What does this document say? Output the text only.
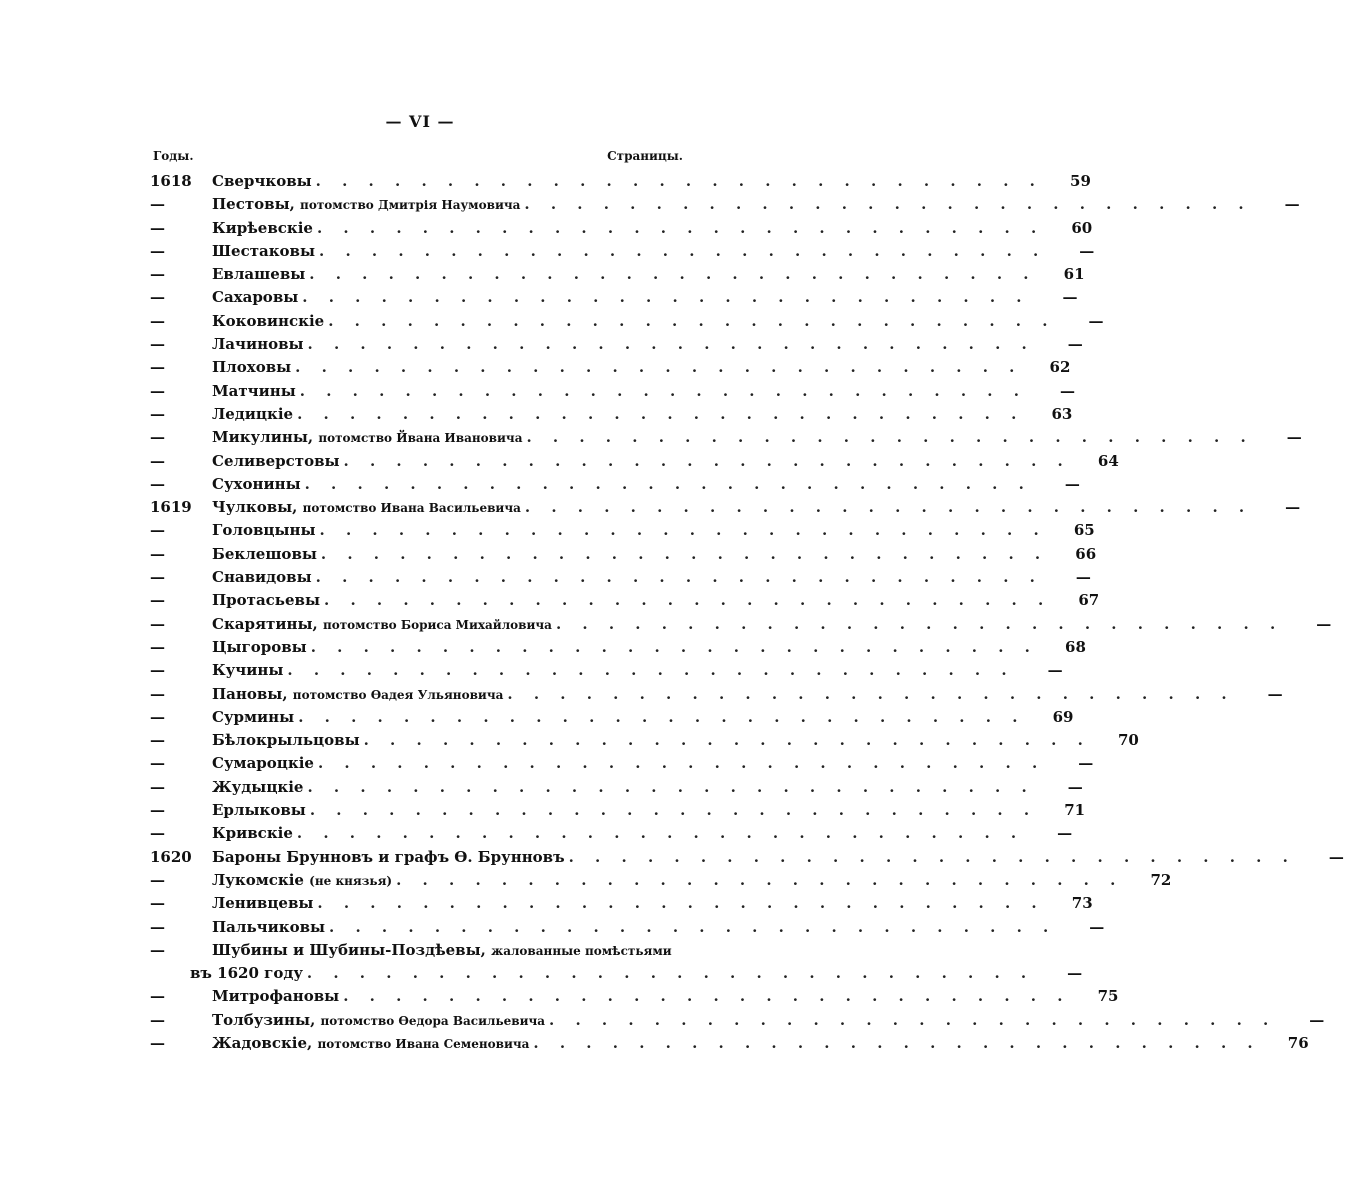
— VI —
Годы.	Страницы.
1618	Сверчковы . . . . . . . . . . . . . . . . . . . . . . . . . . . .	59
—	Пестовы, потомство Дмитрія Наумовича . . . . . . . . . . . . . . . . . . . . . . . . . . . .	—
—	Кирѣевскіе . . . . . . . . . . . . . . . . . . . . . . . . . . . .	60
—	Шестаковы . . . . . . . . . . . . . . . . . . . . . . . . . . . .	—
—	Евлашевы . . . . . . . . . . . . . . . . . . . . . . . . . . . .	61
—	Сахаровы . . . . . . . . . . . . . . . . . . . . . . . . . . . .	—
—	Коковинскіе . . . . . . . . . . . . . . . . . . . . . . . . . . . .	—
—	Лачиновы . . . . . . . . . . . . . . . . . . . . . . . . . . . .	—
—	Плоховы . . . . . . . . . . . . . . . . . . . . . . . . . . . .	62
—	Матчины . . . . . . . . . . . . . . . . . . . . . . . . . . . .	—
—	Ледицкіе . . . . . . . . . . . . . . . . . . . . . . . . . . . .	63
—	Микулины, потомство Йвана Ивановича . . . . . . . . . . . . . . . . . . . . . . . . . . . .	—
—	Селиверстовы . . . . . . . . . . . . . . . . . . . . . . . . . . . .	64
—	Сухонины . . . . . . . . . . . . . . . . . . . . . . . . . . . .	—
1619	Чулковы, потомство Ивана Васильевича . . . . . . . . . . . . . . . . . . . . . . . . . . . .	—
—	Головцыны . . . . . . . . . . . . . . . . . . . . . . . . . . . .	65
—	Беклешовы . . . . . . . . . . . . . . . . . . . . . . . . . . . .	66
—	Снавидовы . . . . . . . . . . . . . . . . . . . . . . . . . . . .	—
—	Протасьевы . . . . . . . . . . . . . . . . . . . . . . . . . . . .	67
—	Скарятины, потомство Бориса Михайловича . . . . . . . . . . . . . . . . . . . . . . . . . . . .	—
—	Цыгоровы . . . . . . . . . . . . . . . . . . . . . . . . . . . .	68
—	Кучины . . . . . . . . . . . . . . . . . . . . . . . . . . . .	—
—	Пановы, потомство Ѳадея Ульяновича . . . . . . . . . . . . . . . . . . . . . . . . . . . .	—
—	Сурмины . . . . . . . . . . . . . . . . . . . . . . . . . . . .	69
—	Бѣлокрыльцовы . . . . . . . . . . . . . . . . . . . . . . . . . . . .	70
—	Сумароцкіе . . . . . . . . . . . . . . . . . . . . . . . . . . . .	—
—	Жудыцкіе . . . . . . . . . . . . . . . . . . . . . . . . . . . .	—
—	Ерлыковы . . . . . . . . . . . . . . . . . . . . . . . . . . . .	71
—	Кривскіе . . . . . . . . . . . . . . . . . . . . . . . . . . . .	—
1620	Бароны Брунновъ и графъ Ѳ. Брунновъ . . . . . . . . . . . . . . . . . . . . . . . . . . . .	—
—	Лукомскіе (не князья) . . . . . . . . . . . . . . . . . . . . . . . . . . . .	72
—	Ленивцевы . . . . . . . . . . . . . . . . . . . . . . . . . . . .	73
—	Пальчиковы . . . . . . . . . . . . . . . . . . . . . . . . . . . .	—
—	Шубины и Шубины-Поздѣевы, жалованные помѣстьями
въ 1620 году . . . . . . . . . . . . . . . . . . . . . . . . . . . .	—
—	Митрофановы . . . . . . . . . . . . . . . . . . . . . . . . . . . .	75
—	Толбузины, потомство Ѳедора Васильевича . . . . . . . . . . . . . . . . . . . . . . . . . . . .	—
—	Жадовскіе, потомство Ивана Семеновича . . . . . . . . . . . . . . . . . . . . . . . . . . . .	76
